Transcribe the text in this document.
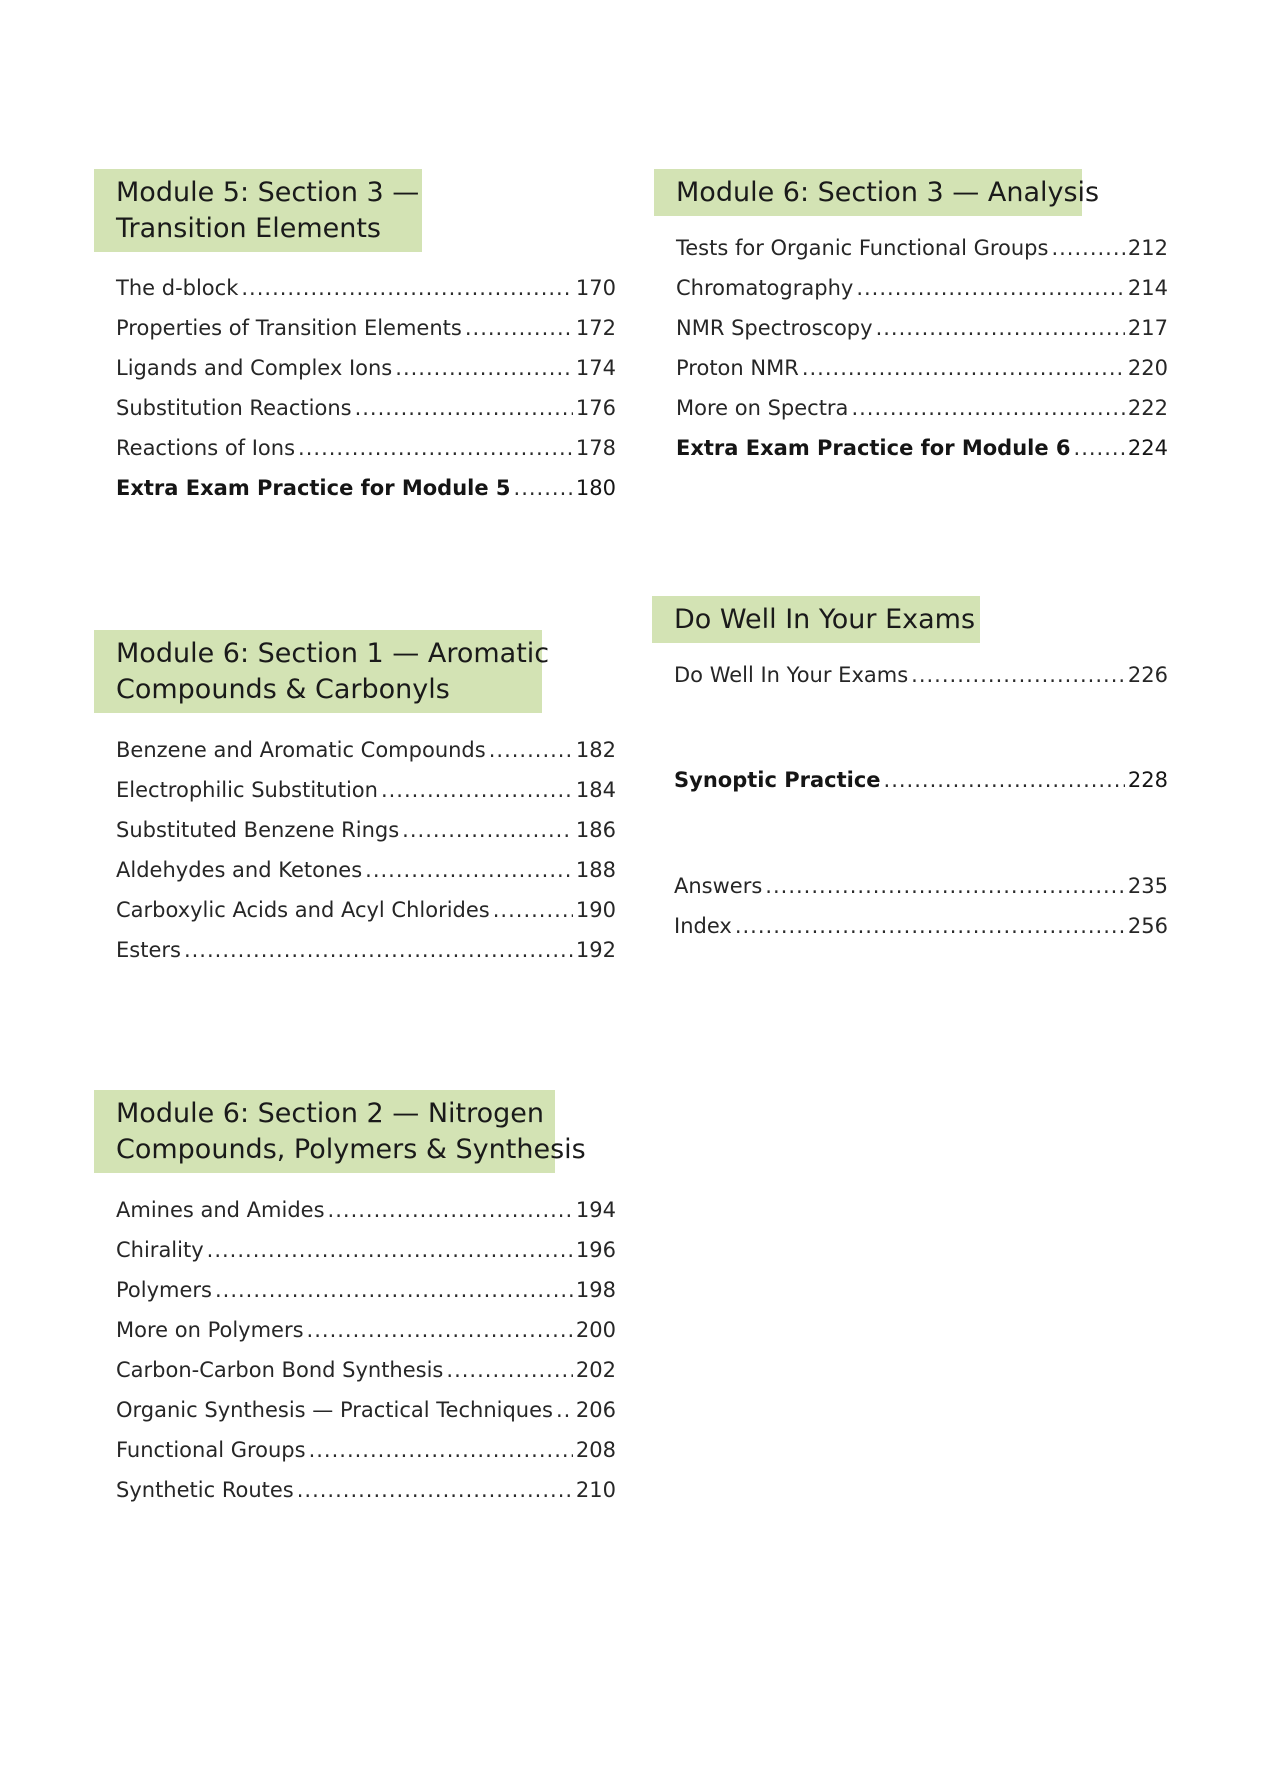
Module 5: Section 3 —
Transition Elements
The d-block .....	170
Properties of Transition Elements .....	172
Ligands and Complex Ions .....	174
Substitution Reactions .....	176
Reactions of Ions .....	178
Extra Exam Practice for Module 5 .....	180
Module 6: Section 1 — Aromatic
Compounds & Carbonyls
Benzene and Aromatic Compounds .....	182
Electrophilic Substitution .....	184
Substituted Benzene Rings .....	186
Aldehydes and Ketones .....	188
Carboxylic Acids and Acyl Chlorides .....	190
Esters .....	192
Module 6: Section 2 — Nitrogen
Compounds, Polymers & Synthesis
Amines and Amides .....	194
Chirality .....	196
Polymers .....	198
More on Polymers .....	200
Carbon-Carbon Bond Synthesis .....	202
Organic Synthesis — Practical Techniques ..... 206
Functional Groups .....	208
Synthetic Routes .....	210
Module 6: Section 3 — Analysis
Tests for Organic Functional Groups .....	212
Chromatography .....	214
NMR Spectroscopy .....	217
Proton NMR .....	220
More on Spectra .....	222
Extra Exam Practice for Module 6 .....	224
Do Well In Your Exams
Do Well In Your Exams .....	226
Synoptic Practice .....	228
Answers .....	235
Index .....	256
